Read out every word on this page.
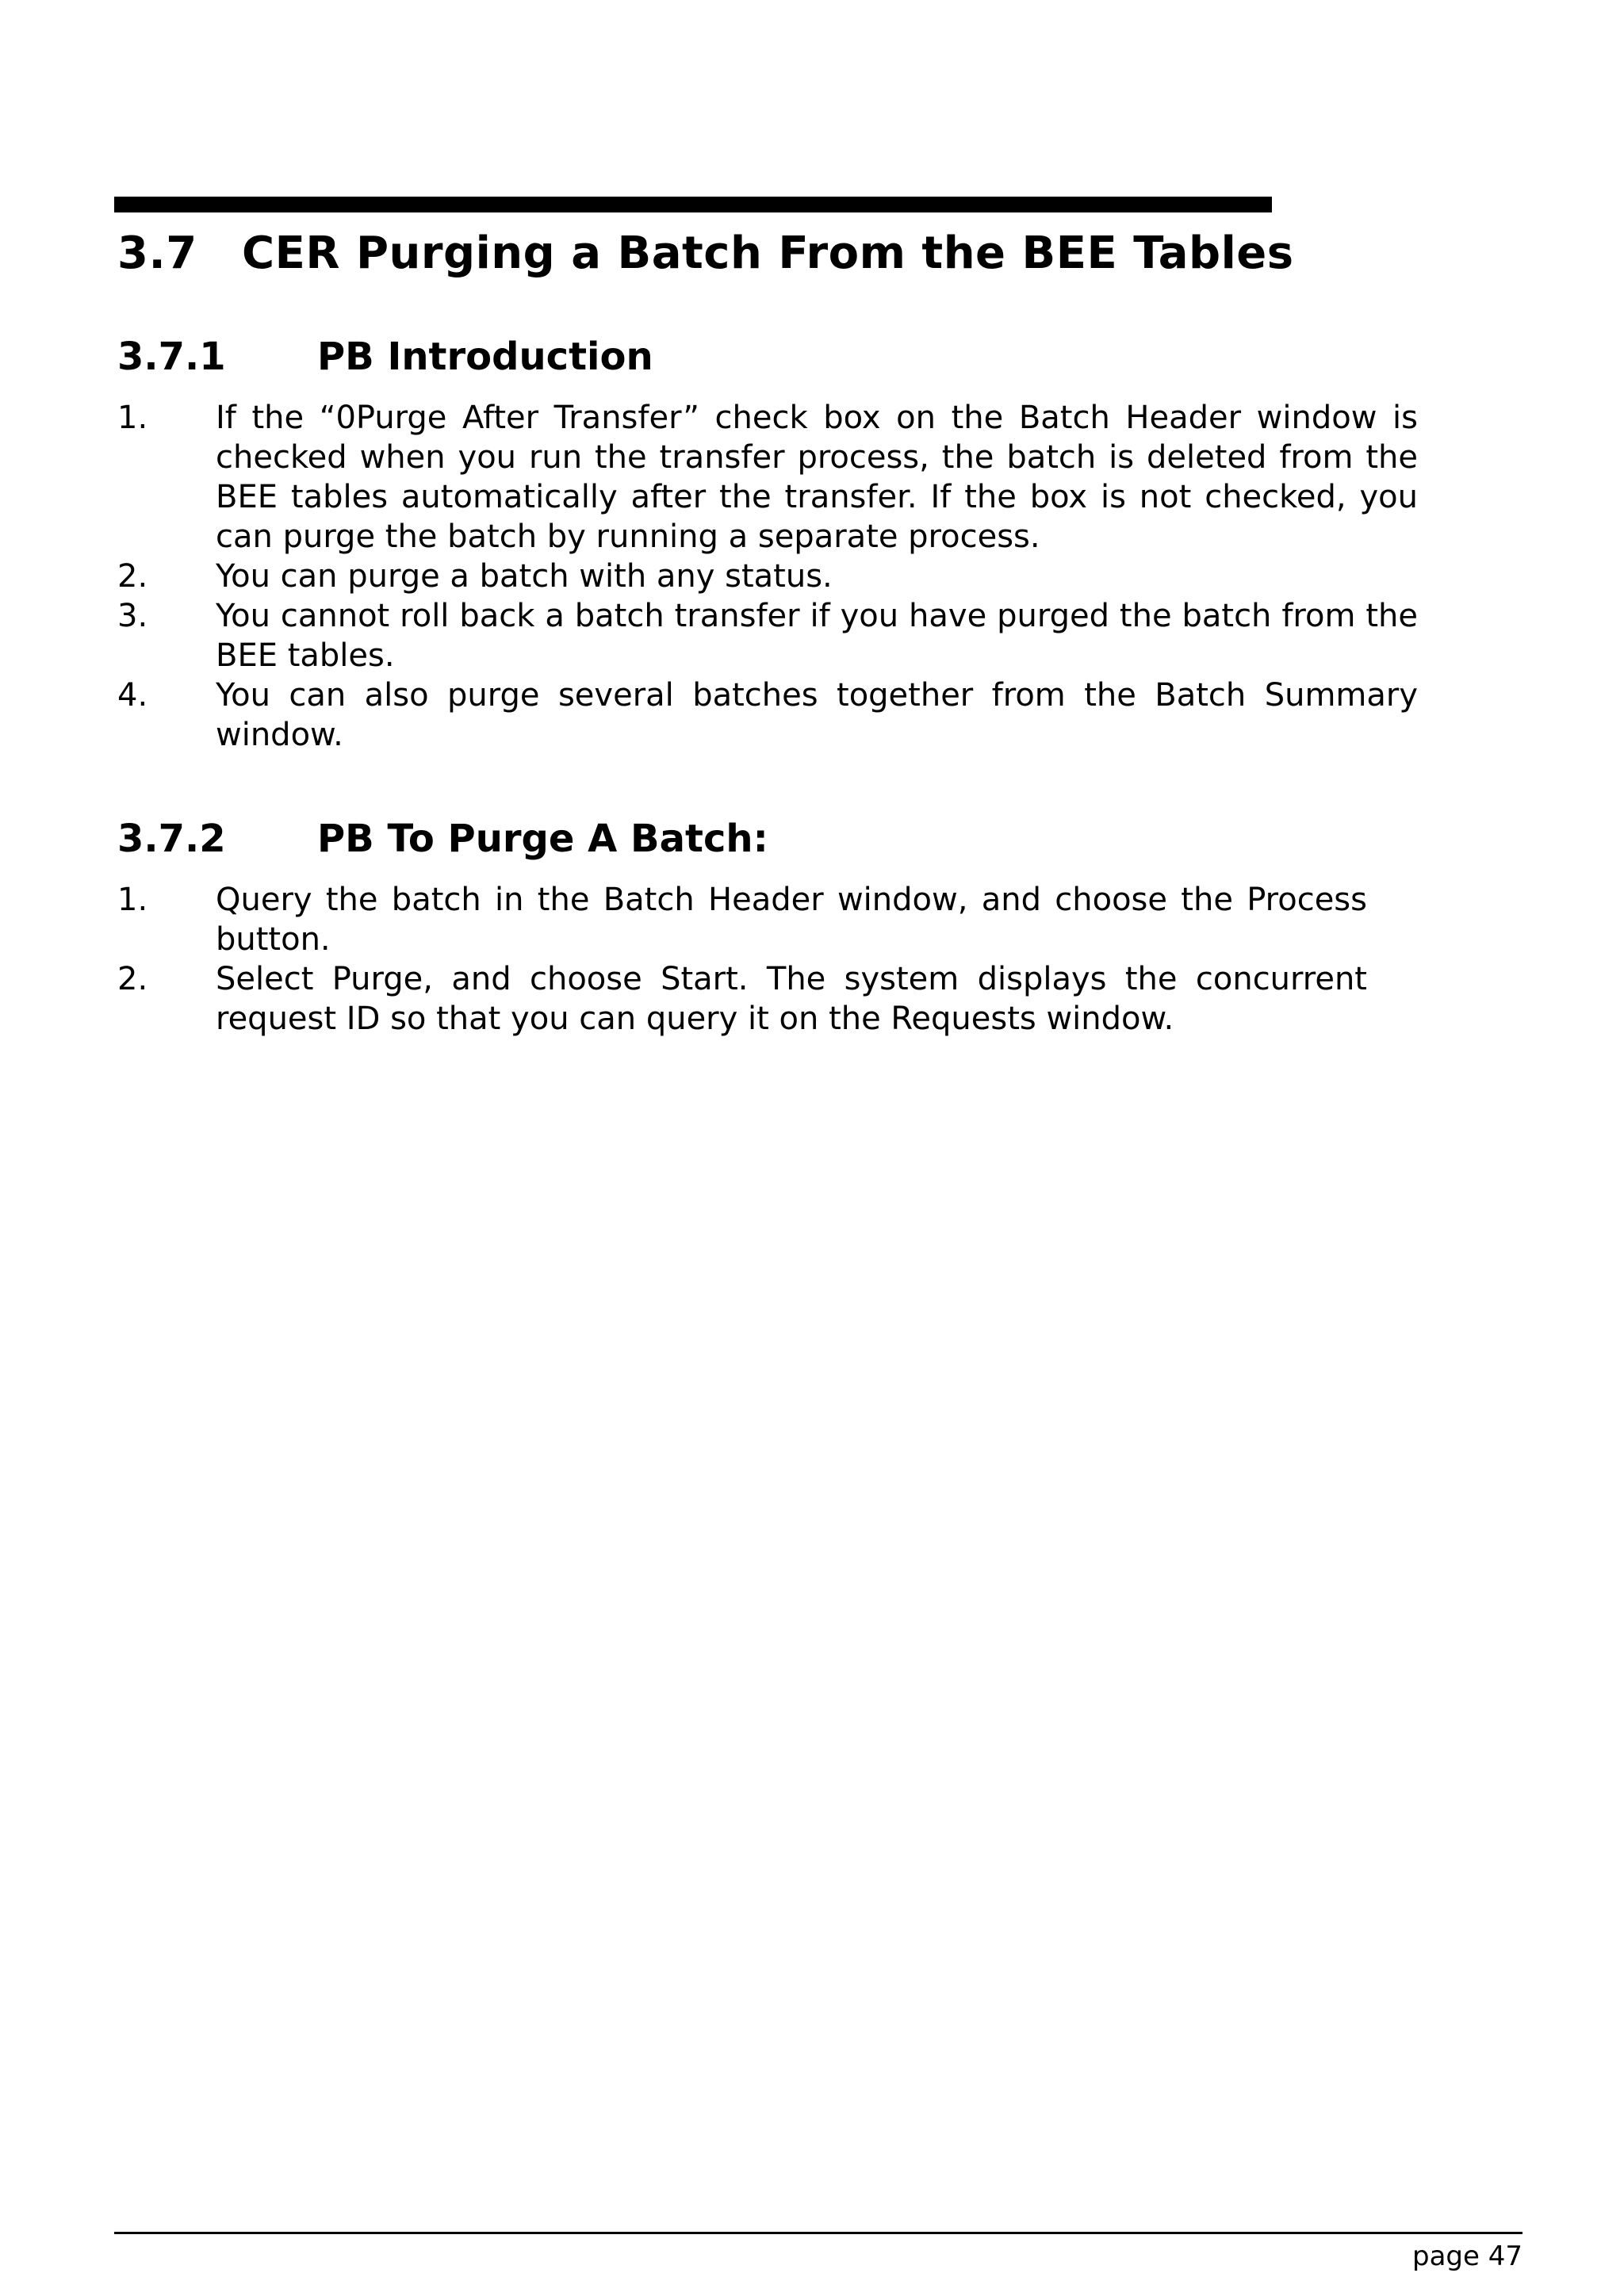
3.7 CER Purging a Batch From the BEE Tables
3.7.1 PB Introduction
1. If the “0Purge After Transfer” check box on the Batch Header window is checked when you run the transfer process, the batch is deleted from the BEE tables automatically after the transfer. If the box is not checked, you can purge the batch by running a separate process.
2. You can purge a batch with any status.
3. You cannot roll back a batch transfer if you have purged the batch from the BEE tables.
4. You can also purge several batches together from the Batch Summary window.
3.7.2 PB To Purge A Batch:
1. Query the batch in the Batch Header window, and choose the Process button.
2. Select Purge, and choose Start. The system displays the concurrent request ID so that you can query it on the Requests window.
page 47
